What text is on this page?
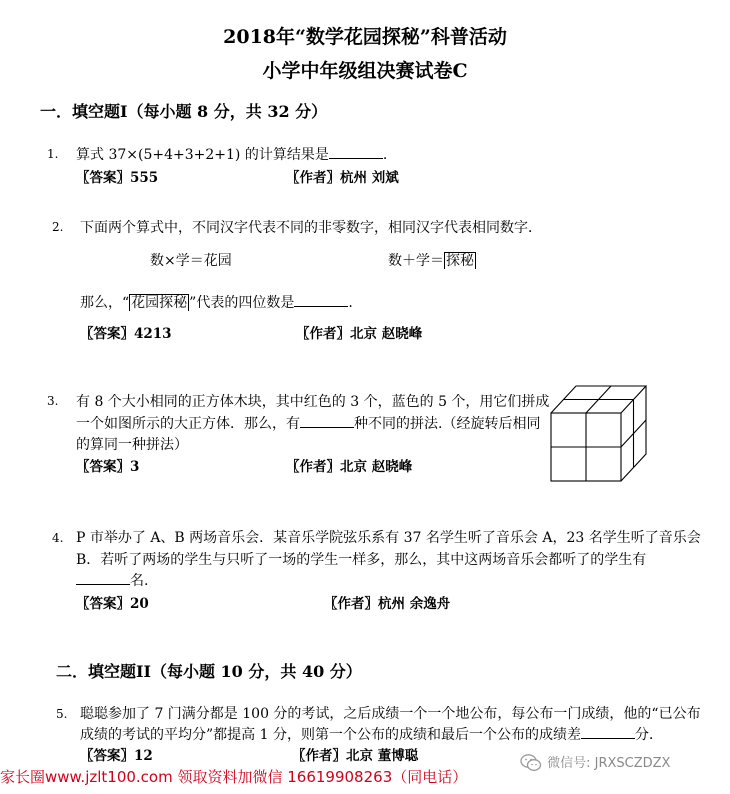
2018年“数学花园探秘”科普活动
小学中年级组决赛试卷C
一．填空题I（每小题 8 分，共 32 分）
1. 算式 37×(5+4+3+2+1) 的计算结果是	.
〖答案〗555	〖作者〗杭州 刘斌
2. 下面两个算式中，不同汉字代表不同的非零数字，相同汉字代表相同数字．
数×学＝花园	数＋学＝ 探秘
那么，“ 花园探秘 ”代表的四位数是	.
〖答案〗4213	〖作者〗北京 赵晓峰
3. 有 8 个大小相同的正方体木块，其中红色的 3 个，蓝色的 5 个，用它们拼成
一个如图所示的大正方体．那么，有	种不同的拼法.（经旋转后相同
的算同一种拼法）
〖答案〗3	〖作者〗北京 赵晓峰
4. P 市举办了 A、B 两场音乐会．某音乐学院弦乐系有 37 名学生听了音乐会 A，23 名学生听了音乐会
B．若听了两场的学生与只听了一场的学生一样多，那么，其中这两场音乐会都听了的学生有
名.
〖答案〗20	〖作者〗杭州 余逸舟
二．填空题II（每小题 10 分，共 40 分）
5. 聪聪参加了 7 门满分都是 100 分的考试，之后成绩一个一个地公布，每公布一门成绩，他的“已公布
成绩的考试的平均分”都提高 1 分，则第一个公布的成绩和最后一个公布的成绩差	分．
〖答案〗12	〖作者〗北京 董博聪
家长圈www.jzlt100.com 领取资料加微信 16619908263（同电话）
微信号: JRXSCZDZX
